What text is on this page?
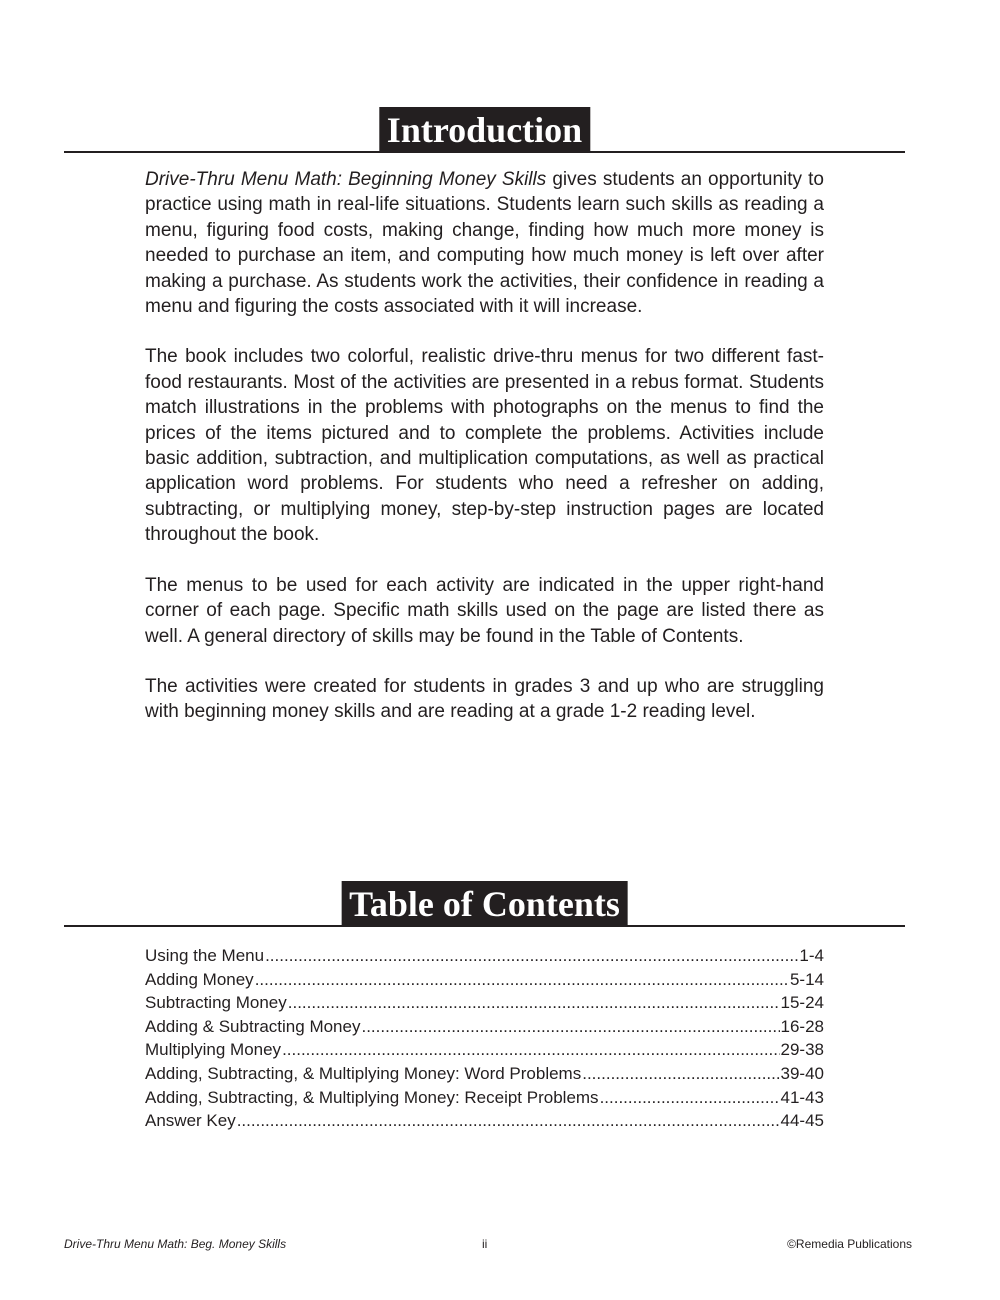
Introduction

Drive-Thru Menu Math: Beginning Money Skills gives students an opportunity to practice using math in real-life situations. Students learn such skills as reading a menu, figuring food costs, making change, finding how much more money is needed to purchase an item, and computing how much money is left over after making a purchase. As students work the activities, their confidence in reading a menu and figuring the costs associated with it will increase.

The book includes two colorful, realistic drive-thru menus for two different fast-food restaurants. Most of the activities are presented in a rebus format. Students match illustrations in the problems with photographs on the menus to find the prices of the items pictured and to complete the problems. Activities include basic addition, subtraction, and multiplication computations, as well as practical application word problems. For students who need a refresher on adding, subtracting, or multiplying money, step-by-step instruction pages are located throughout the book.

The menus to be used for each activity are indicated in the upper right-hand corner of each page. Specific math skills used on the page are listed there as well. A general directory of skills may be found in the Table of Contents.

The activities were created for students in grades 3 and up who are struggling with beginning money skills and are reading at a grade 1-2 reading level.

Table of Contents
Using the Menu .....	1-4
Adding Money .....	5-14
Subtracting Money .....	15-24
Adding & Subtracting Money .....	16-28
Multiplying Money .....	29-38
Adding, Subtracting, & Multiplying Money: Word Problems .....	39-40
Adding, Subtracting, & Multiplying Money: Receipt Problems .....	41-43
Answer Key .....	44-45
Drive-Thru Menu Math: Beg. Money Skills	ii	©Remedia Publications
